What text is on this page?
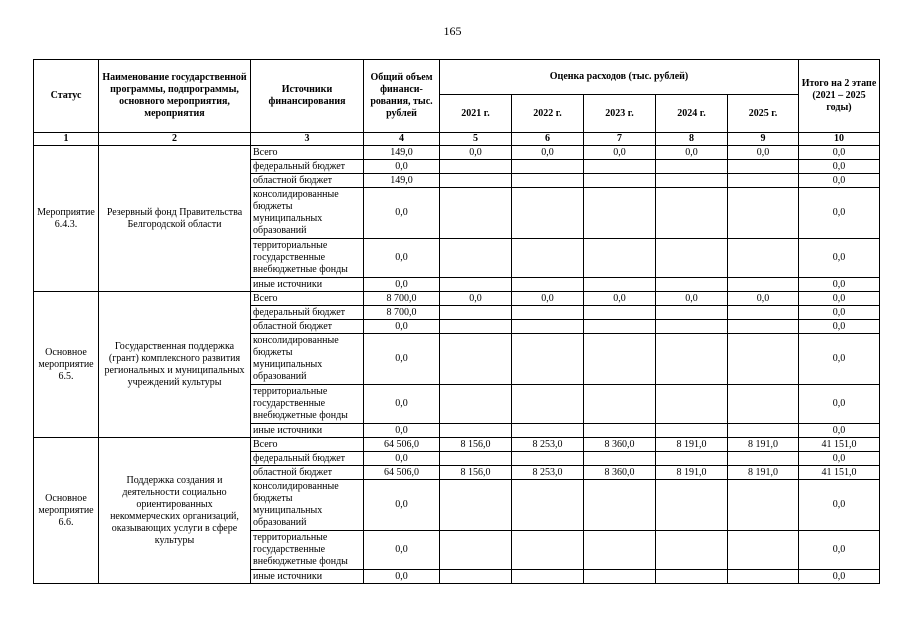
165
Статус	Наименование государственной программы, подпрограммы, основного мероприятия, мероприятия	Источники финансирования	Общий объем финанси-рования, тыс. рублей	Оценка расходов (тыс. рублей)					Итого на 2 этапе (2021 – 2025 годы)
				2021 г.	2022 г.	2023 г.	2024 г.	2025 г.	
1	2	3	4	5	6	7	8	9	10
Мероприятие 6.4.3.	Резервный фонд Правительства Белгородской области	Всего	149,0	0,0	0,0	0,0	0,0	0,0	0,0
		федеральный бюджет	0,0						0,0
		областной бюджет	149,0						0,0
		консолидированные бюджеты муниципальных образований	0,0						0,0
		территориальные государственные внебюджетные фонды	0,0						0,0
		иные источники	0,0						0,0
Основное мероприятие 6.5.	Государственная поддержка (грант) комплексного развития региональных и муниципальных учреждений культуры	Всего	8 700,0	0,0	0,0	0,0	0,0	0,0	0,0
		федеральный бюджет	8 700,0						0,0
		областной бюджет	0,0						0,0
		консолидированные бюджеты муниципальных образований	0,0						0,0
		территориальные государственные внебюджетные фонды	0,0						0,0
		иные источники	0,0						0,0
Основное мероприятие 6.6.	Поддержка создания и деятельности социально ориентированных некоммерческих организаций, оказывающих услуги в сфере культуры	Всего	64 506,0	8 156,0	8 253,0	8 360,0	8 191,0	8 191,0	41 151,0
		федеральный бюджет	0,0						0,0
		областной бюджет	64 506,0	8 156,0	8 253,0	8 360,0	8 191,0	8 191,0	41 151,0
		консолидированные бюджеты муниципальных образований	0,0						0,0
		территориальные государственные внебюджетные фонды	0,0						0,0
		иные источники	0,0						0,0
